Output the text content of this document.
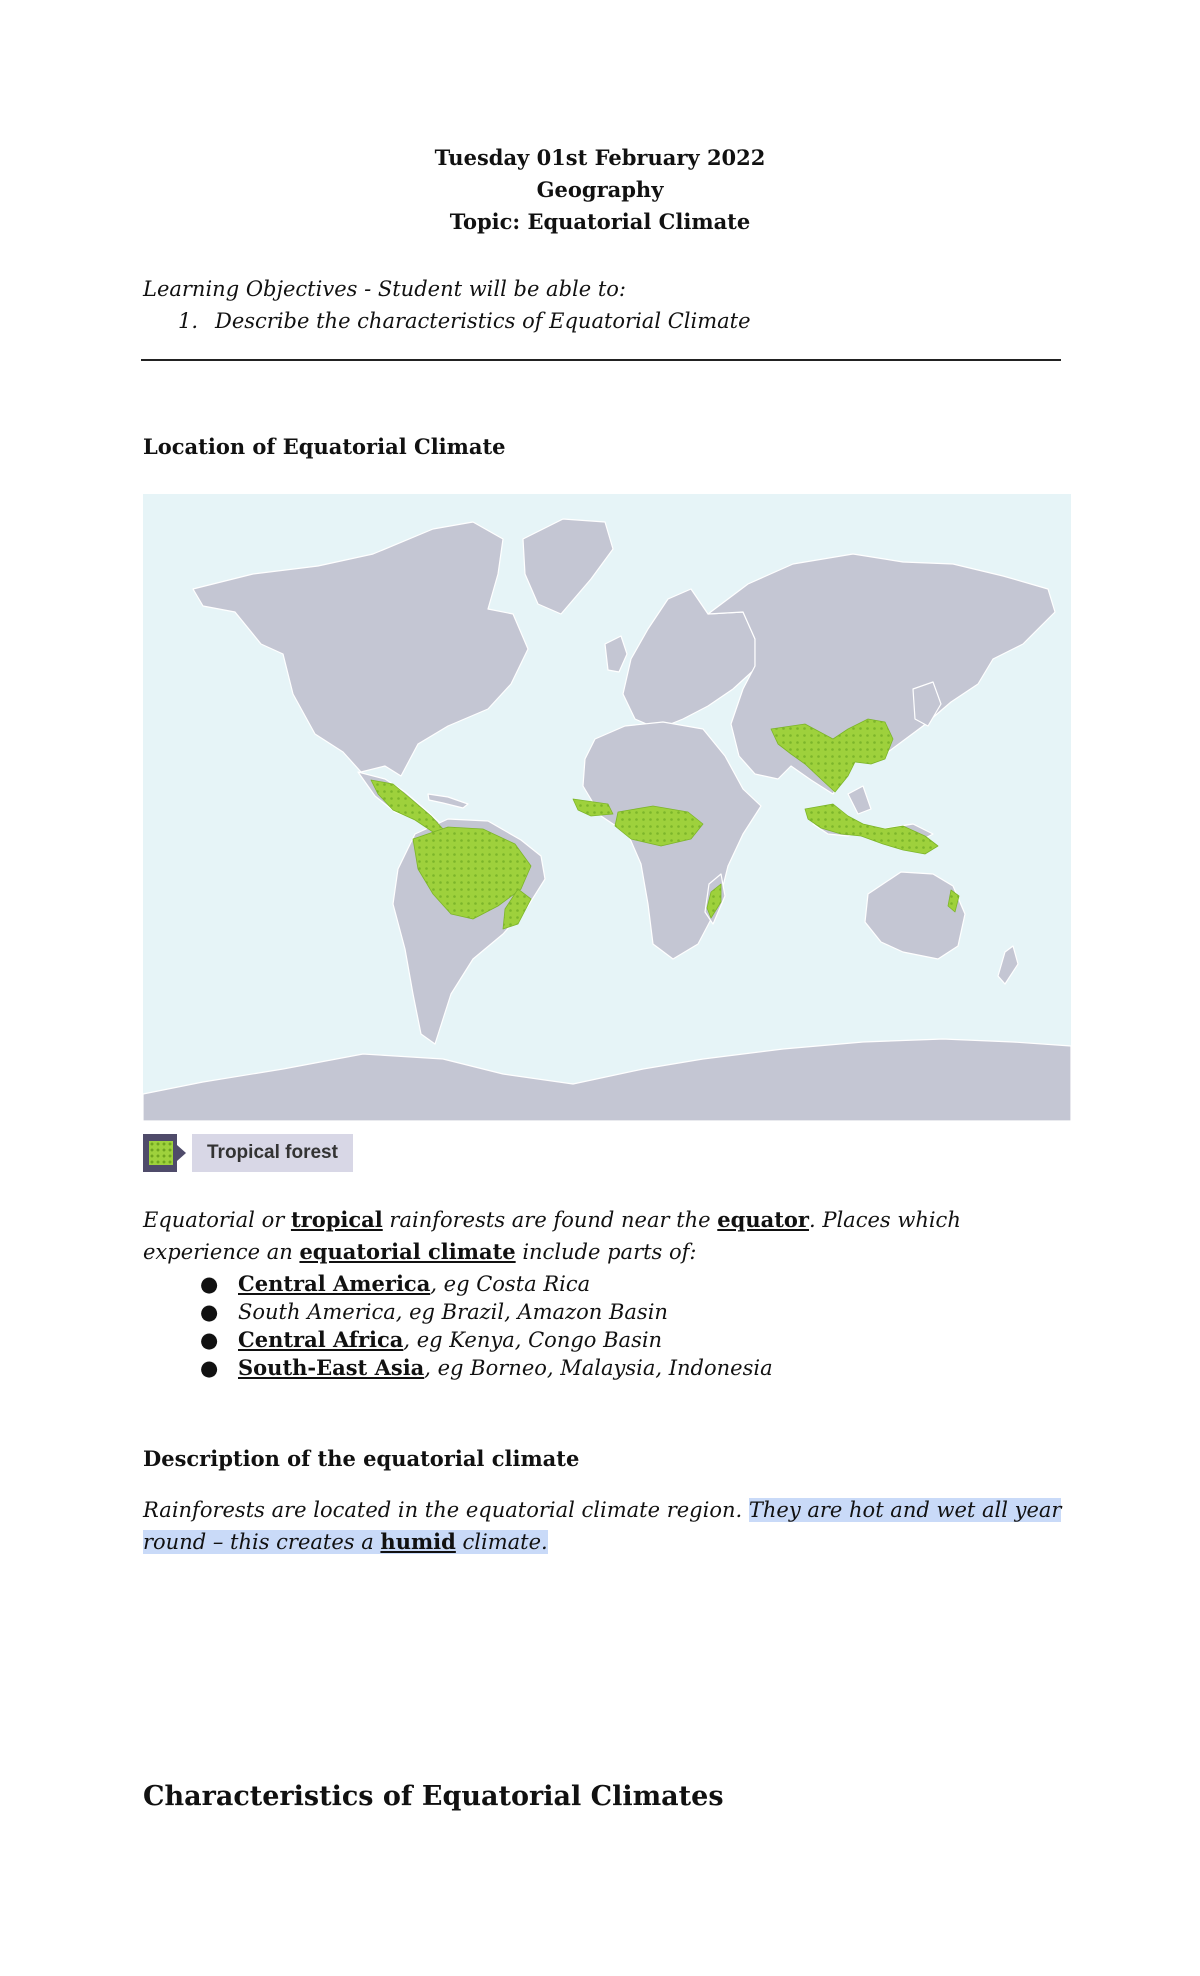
Tuesday 01st February 2022
Geography
Topic: Equatorial Climate
Learning Objectives - Student will be able to:
1. Describe the characteristics of Equatorial Climate
Location of Equatorial Climate
Tropical forest
Equatorial or tropical rainforests are found near the equator. Places which experience an equatorial climate include parts of:
● Central America, eg Costa Rica
● South America, eg Brazil, Amazon Basin
● Central Africa, eg Kenya, Congo Basin
● South-East Asia, eg Borneo, Malaysia, Indonesia
Description of the equatorial climate
Rainforests are located in the equatorial climate region. They are hot and wet all year round – this creates a humid climate.
Characteristics of Equatorial Climates
